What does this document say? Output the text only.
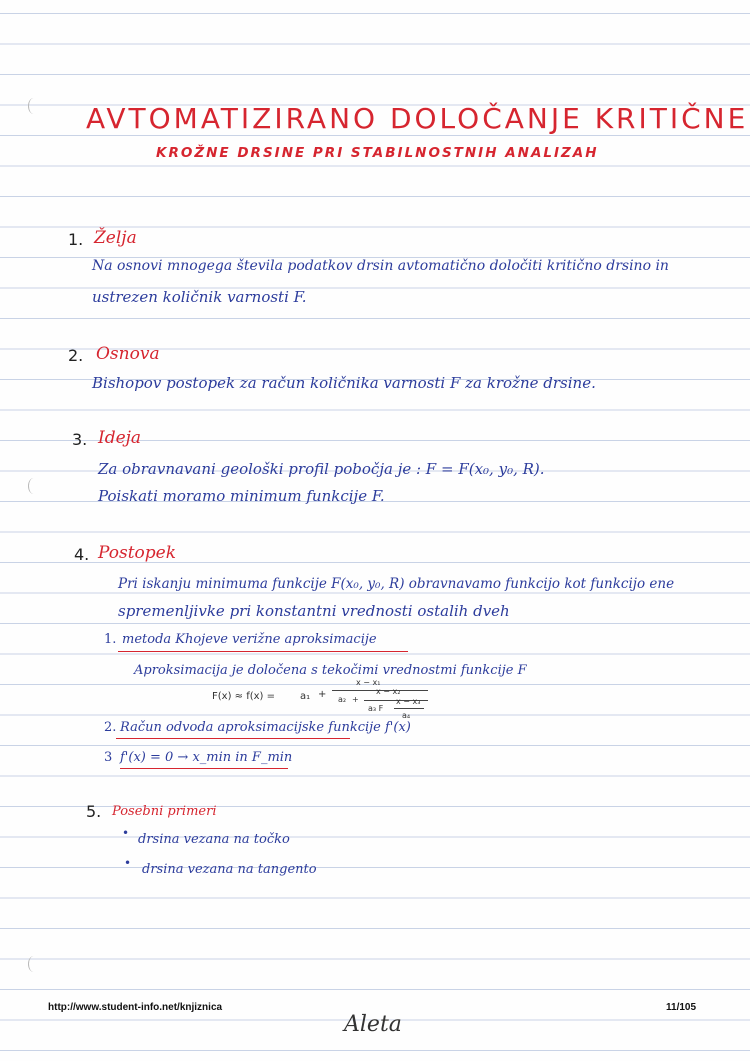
AVTOMATIZIRANO DOLOČANJE KRITIČNE
KROŽNE DRSINE PRI STABILNOSTNIH ANALIZAH
1. Želja
Na osnovi mnogega števila podatkov drsin avtomatično določiti kritično drsino in
ustrezen količnik varnosti F.
2. Osnova
Bishopov postopek za račun količnika varnosti F za krožne drsine.
3. Ideja
Za obravnavani geološki profil pobočja je : F = F(x₀, y₀, R).
Poiskati moramo minimum funkcije F.
4. Postopek
Pri iskanju minimuma funkcije F(x₀, y₀, R) obravnavamo funkcijo kot funkcijo ene
spremenljivke pri konstantni vrednosti ostalih dveh
1. metoda Khojeve verižne aproksimacije
Aproksimacija je določena s tekočimi vrednostmi funkcije F
F(x) ≈ f(x) = a₁ +
x − x₁
a₂ +
x − x₂
a₃ F
x − x₃
a₄
2. Račun odvoda aproksimacijske funkcije f'(x)
3 f'(x) = 0 → x_min in F_min
5. Posebni primeri
• drsina vezana na točko
• drsina vezana na tangento
http://www.student-info.net/knjiznica	11/105
Aleta
